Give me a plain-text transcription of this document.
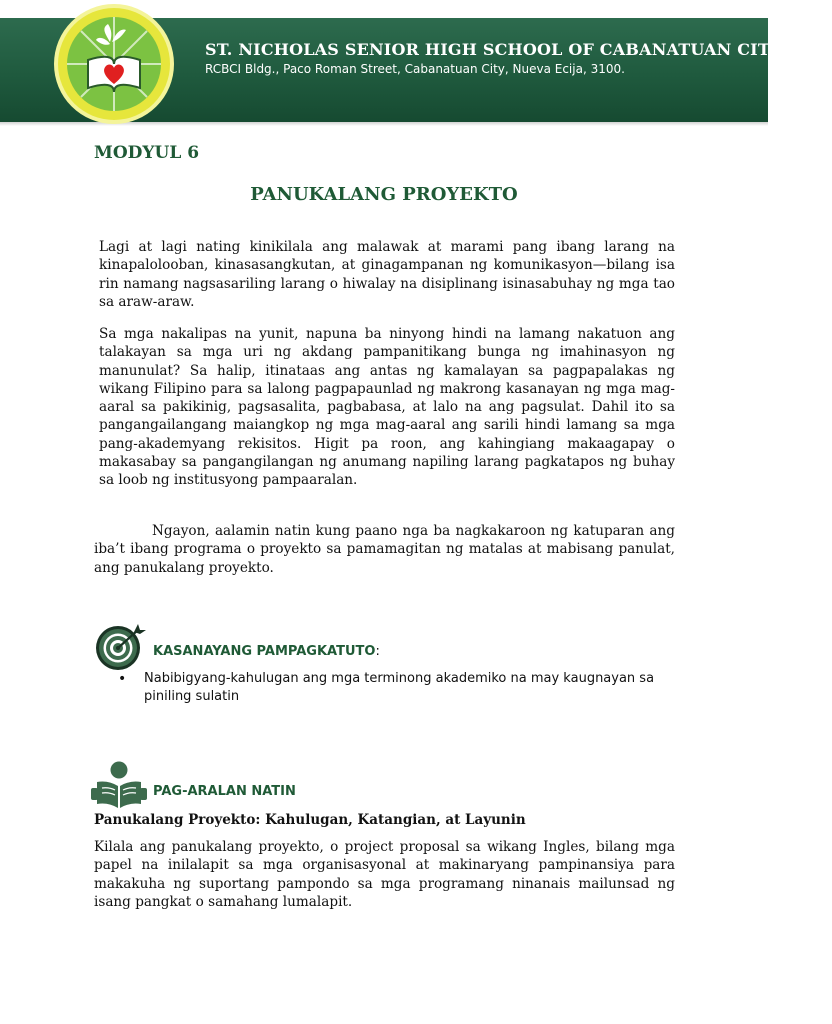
ST. NICHOLAS SENIOR HIGH SCHOOL OF CABANATUAN CITY, INC.
RCBCI Bldg., Paco Roman Street, Cabanatuan City, Nueva Ecija, 3100.
MODYUL 6
PANUKALANG PROYEKTO

Lagi at lagi nating kinikilala ang malawak at marami pang ibang larang na kinapalolooban, kinasasangkutan, at ginagampanan ng komunikasyon—bilang isa rin namang nagsasariling larang o hiwalay na disiplinang isinasabuhay ng mga tao sa araw-araw.

Sa mga nakalipas na yunit, napuna ba ninyong hindi na lamang nakatuon ang talakayan sa mga uri ng akdang pampanitikang bunga ng imahinasyon ng manunulat? Sa halip, itinataas ang antas ng kamalayan sa pagpapalakas ng wikang Filipino para sa lalong pagpapaunlad ng makrong kasanayan ng mga mag-aaral sa pakikinig, pagsasalita, pagbabasa, at lalo na ang pagsulat. Dahil ito sa pangangailangang maiangkop ng mga mag-aaral ang sarili hindi lamang sa mga pang-akademyang rekisitos. Higit pa roon, ang kahingiang makaagapay o makasabay sa pangangilangan ng anumang napiling larang pagkatapos ng buhay sa loob ng institusyong pampaaralan.

Ngayon, aalamin natin kung paano nga ba nagkakaroon ng katuparan ang iba’t ibang programa o proyekto sa pamamagitan ng matalas at mabisang panulat, ang panukalang proyekto.

KASANAYANG PAMPAGKATUTO:
• Nabibigyang-kahulugan ang mga terminong akademiko na may kaugnayan sa piniling sulatin
PAG-ARALAN NATIN
Panukalang Proyekto: Kahulugan, Katangian, at Layunin

Kilala ang panukalang proyekto, o project proposal sa wikang Ingles, bilang mga papel na inilalapit sa mga organisasyonal at makinaryang pampinansiya para makakuha ng suportang pampondo sa mga programang ninanais mailunsad ng isang pangkat o samahang lumalapit.
